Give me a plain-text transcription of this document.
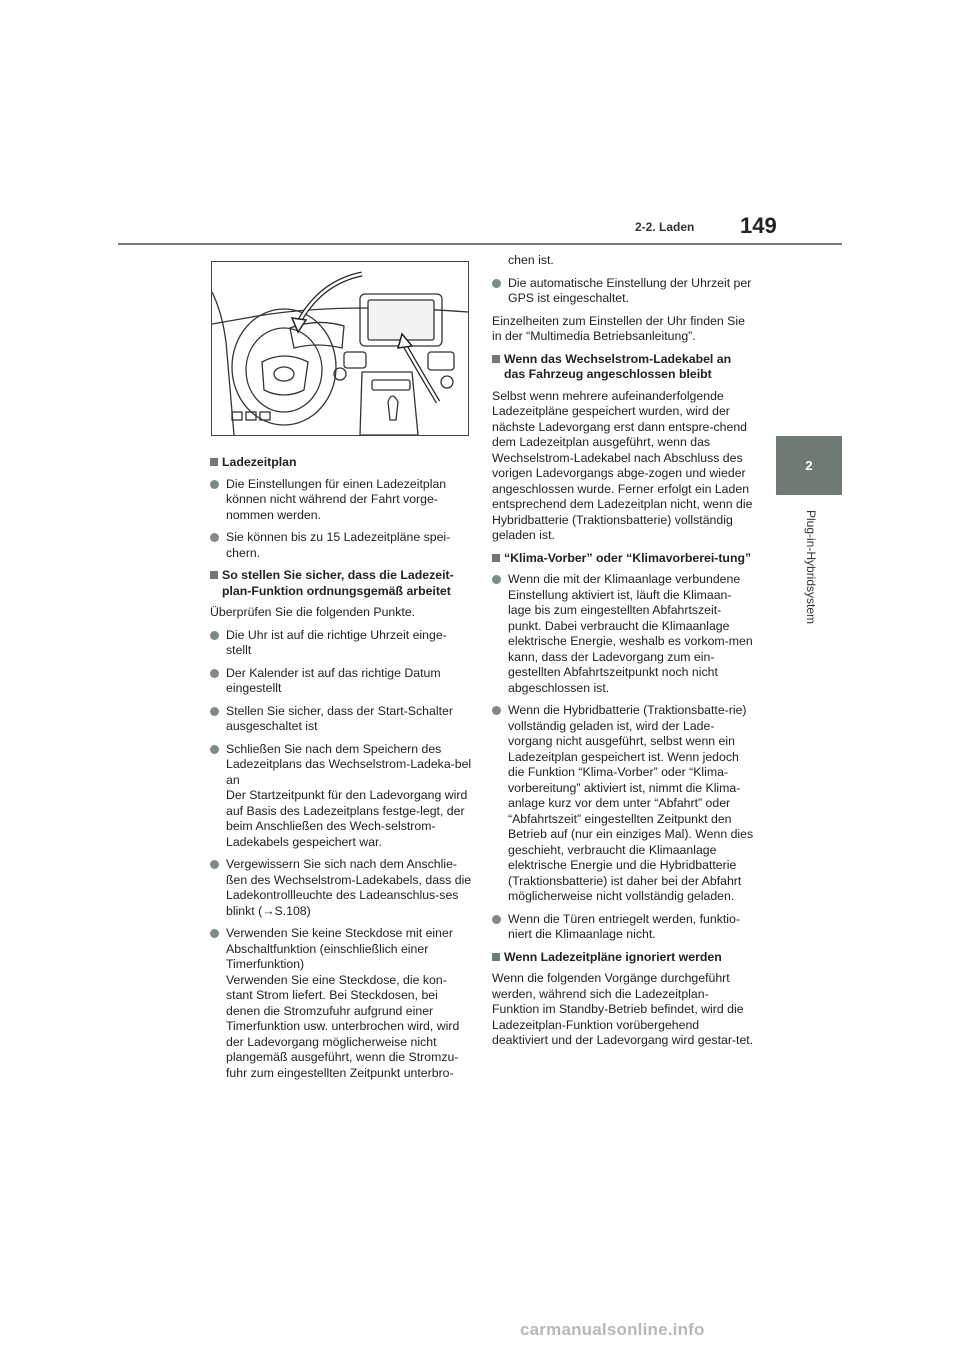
2-2. Laden 149
2
Plug-in-Hybridsystem
Ladezeitplan
Die Einstellungen für einen Ladezeitplan können nicht während der Fahrt vorge-nommen werden.
Sie können bis zu 15 Ladezeitpläne spei-chern.
So stellen Sie sicher, dass die Ladezeit-plan-Funktion ordnungsgemäß arbeitet
Überprüfen Sie die folgenden Punkte.
Die Uhr ist auf die richtige Uhrzeit einge-stellt
Der Kalender ist auf das richtige Datum eingestellt
Stellen Sie sicher, dass der Start-Schalter ausgeschaltet ist
Schließen Sie nach dem Speichern des Ladezeitplans das Wechselstrom-Ladeka-bel an
Der Startzeitpunkt für den Ladevorgang wird auf Basis des Ladezeitplans festge-legt, der beim Anschließen des Wech-selstrom-Ladekabels gespeichert war.
Vergewissern Sie sich nach dem Anschlie-ßen des Wechselstrom-Ladekabels, dass die Ladekontrollleuchte des Ladeanschlus-ses blinkt (→S.108)
Verwenden Sie keine Steckdose mit einer Abschaltfunktion (einschließlich einer Timerfunktion)
Verwenden Sie eine Steckdose, die kon-stant Strom liefert. Bei Steckdosen, bei denen die Stromzufuhr aufgrund einer Timerfunktion usw. unterbrochen wird, wird der Ladevorgang möglicherweise nicht plangemäß ausgeführt, wenn die Stromzu-fuhr zum eingestellten Zeitpunkt unterbro-
chen ist.
Die automatische Einstellung der Uhrzeit per GPS ist eingeschaltet.
Einzelheiten zum Einstellen der Uhr finden Sie in der “Multimedia Betriebsanleitung”.
Wenn das Wechselstrom-Ladekabel an das Fahrzeug angeschlossen bleibt
Selbst wenn mehrere aufeinanderfolgende Ladezeitpläne gespeichert wurden, wird der nächste Ladevorgang erst dann entspre-chend dem Ladezeitplan ausgeführt, wenn das Wechselstrom-Ladekabel nach Abschluss des vorigen Ladevorgangs abge-zogen und wieder angeschlossen wurde. Ferner erfolgt ein Laden entsprechend dem Ladezeitplan nicht, wenn die Hybridbatterie (Traktionsbatterie) vollständig geladen ist.
“Klima-Vorber” oder “Klimavorberei-tung”
Wenn die mit der Klimaanlage verbundene Einstellung aktiviert ist, läuft die Klimaan-lage bis zum eingestellten Abfahrtszeit-punkt. Dabei verbraucht die Klimaanlage elektrische Energie, weshalb es vorkom-men kann, dass der Ladevorgang zum ein-gestellten Abfahrtszeitpunkt noch nicht abgeschlossen ist.
Wenn die Hybridbatterie (Traktionsbatte-rie) vollständig geladen ist, wird der Lade-vorgang nicht ausgeführt, selbst wenn ein Ladezeitplan gespeichert ist. Wenn jedoch die Funktion “Klima-Vorber” oder “Klima-vorbereitung” aktiviert ist, nimmt die Klima-anlage kurz vor dem unter “Abfahrt” oder “Abfahrtszeit” eingestellten Zeitpunkt den Betrieb auf (nur ein einziges Mal). Wenn dies geschieht, verbraucht die Klimaanlage elektrische Energie und die Hybridbatterie (Traktionsbatterie) ist daher bei der Abfahrt möglicherweise nicht vollständig geladen.
Wenn die Türen entriegelt werden, funktio-niert die Klimaanlage nicht.
Wenn Ladezeitpläne ignoriert werden
Wenn die folgenden Vorgänge durchgeführt werden, während sich die Ladezeitplan-Funktion im Standby-Betrieb befindet, wird die Ladezeitplan-Funktion vorübergehend deaktiviert und der Ladevorgang wird gestar-tet.
carmanualsonline.info
